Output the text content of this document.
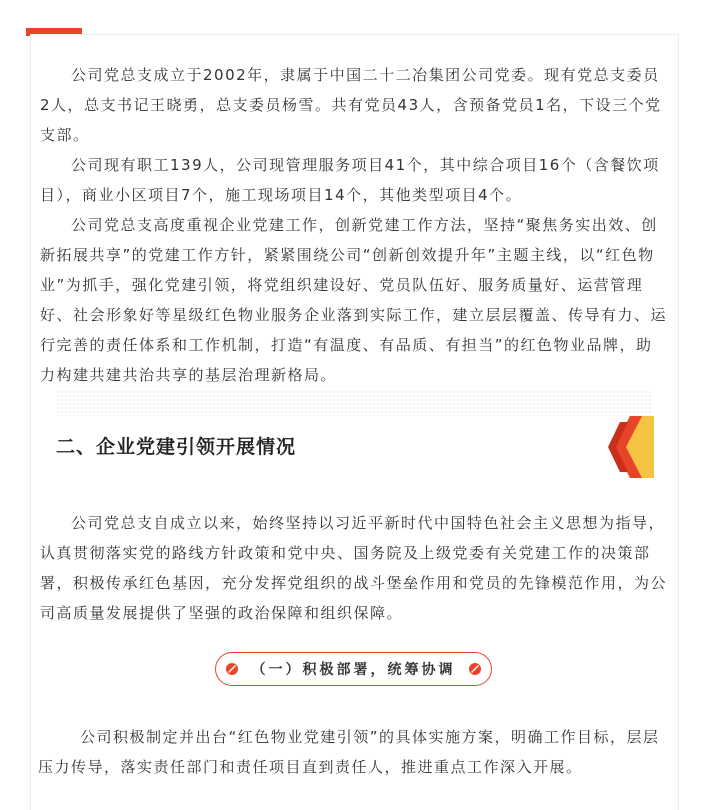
公司党总支成立于2002年，隶属于中国二十二冶集团公司党委。现有党总支委员2人，总支书记王晓勇，总支委员杨雪。共有党员43人，含预备党员1名，下设三个党支部。

公司现有职工139人，公司现管理服务项目41个，其中综合项目16个（含餐饮项目），商业小区项目7个，施工现场项目14个，其他类型项目4个。

公司党总支高度重视企业党建工作，创新党建工作方法，坚持“聚焦务实出效、创新拓展共享”的党建工作方针，紧紧围绕公司“创新创效提升年”主题主线，以“红色物业”为抓手，强化党建引领，将党组织建设好、党员队伍好、服务质量好、运营管理好、社会形象好等星级红色物业服务企业落到实际工作，建立层层覆盖、传导有力、运行完善的责任体系和工作机制，打造“有温度、有品质、有担当”的红色物业品牌，助力构建共建共治共享的基层治理新格局。

二、企业党建引领开展情况

公司党总支自成立以来，始终坚持以习近平新时代中国特色社会主义思想为指导，认真贯彻落实党的路线方针政策和党中央、国务院及上级党委有关党建工作的决策部署，积极传承红色基因，充分发挥党组织的战斗堡垒作用和党员的先锋模范作用，为公司高质量发展提供了坚强的政治保障和组织保障。

（一）积极部署，统筹协调

公司积极制定并出台“红色物业党建引领”的具体实施方案，明确工作目标，层层压力传导，落实责任部门和责任项目直到责任人，推进重点工作深入开展。
